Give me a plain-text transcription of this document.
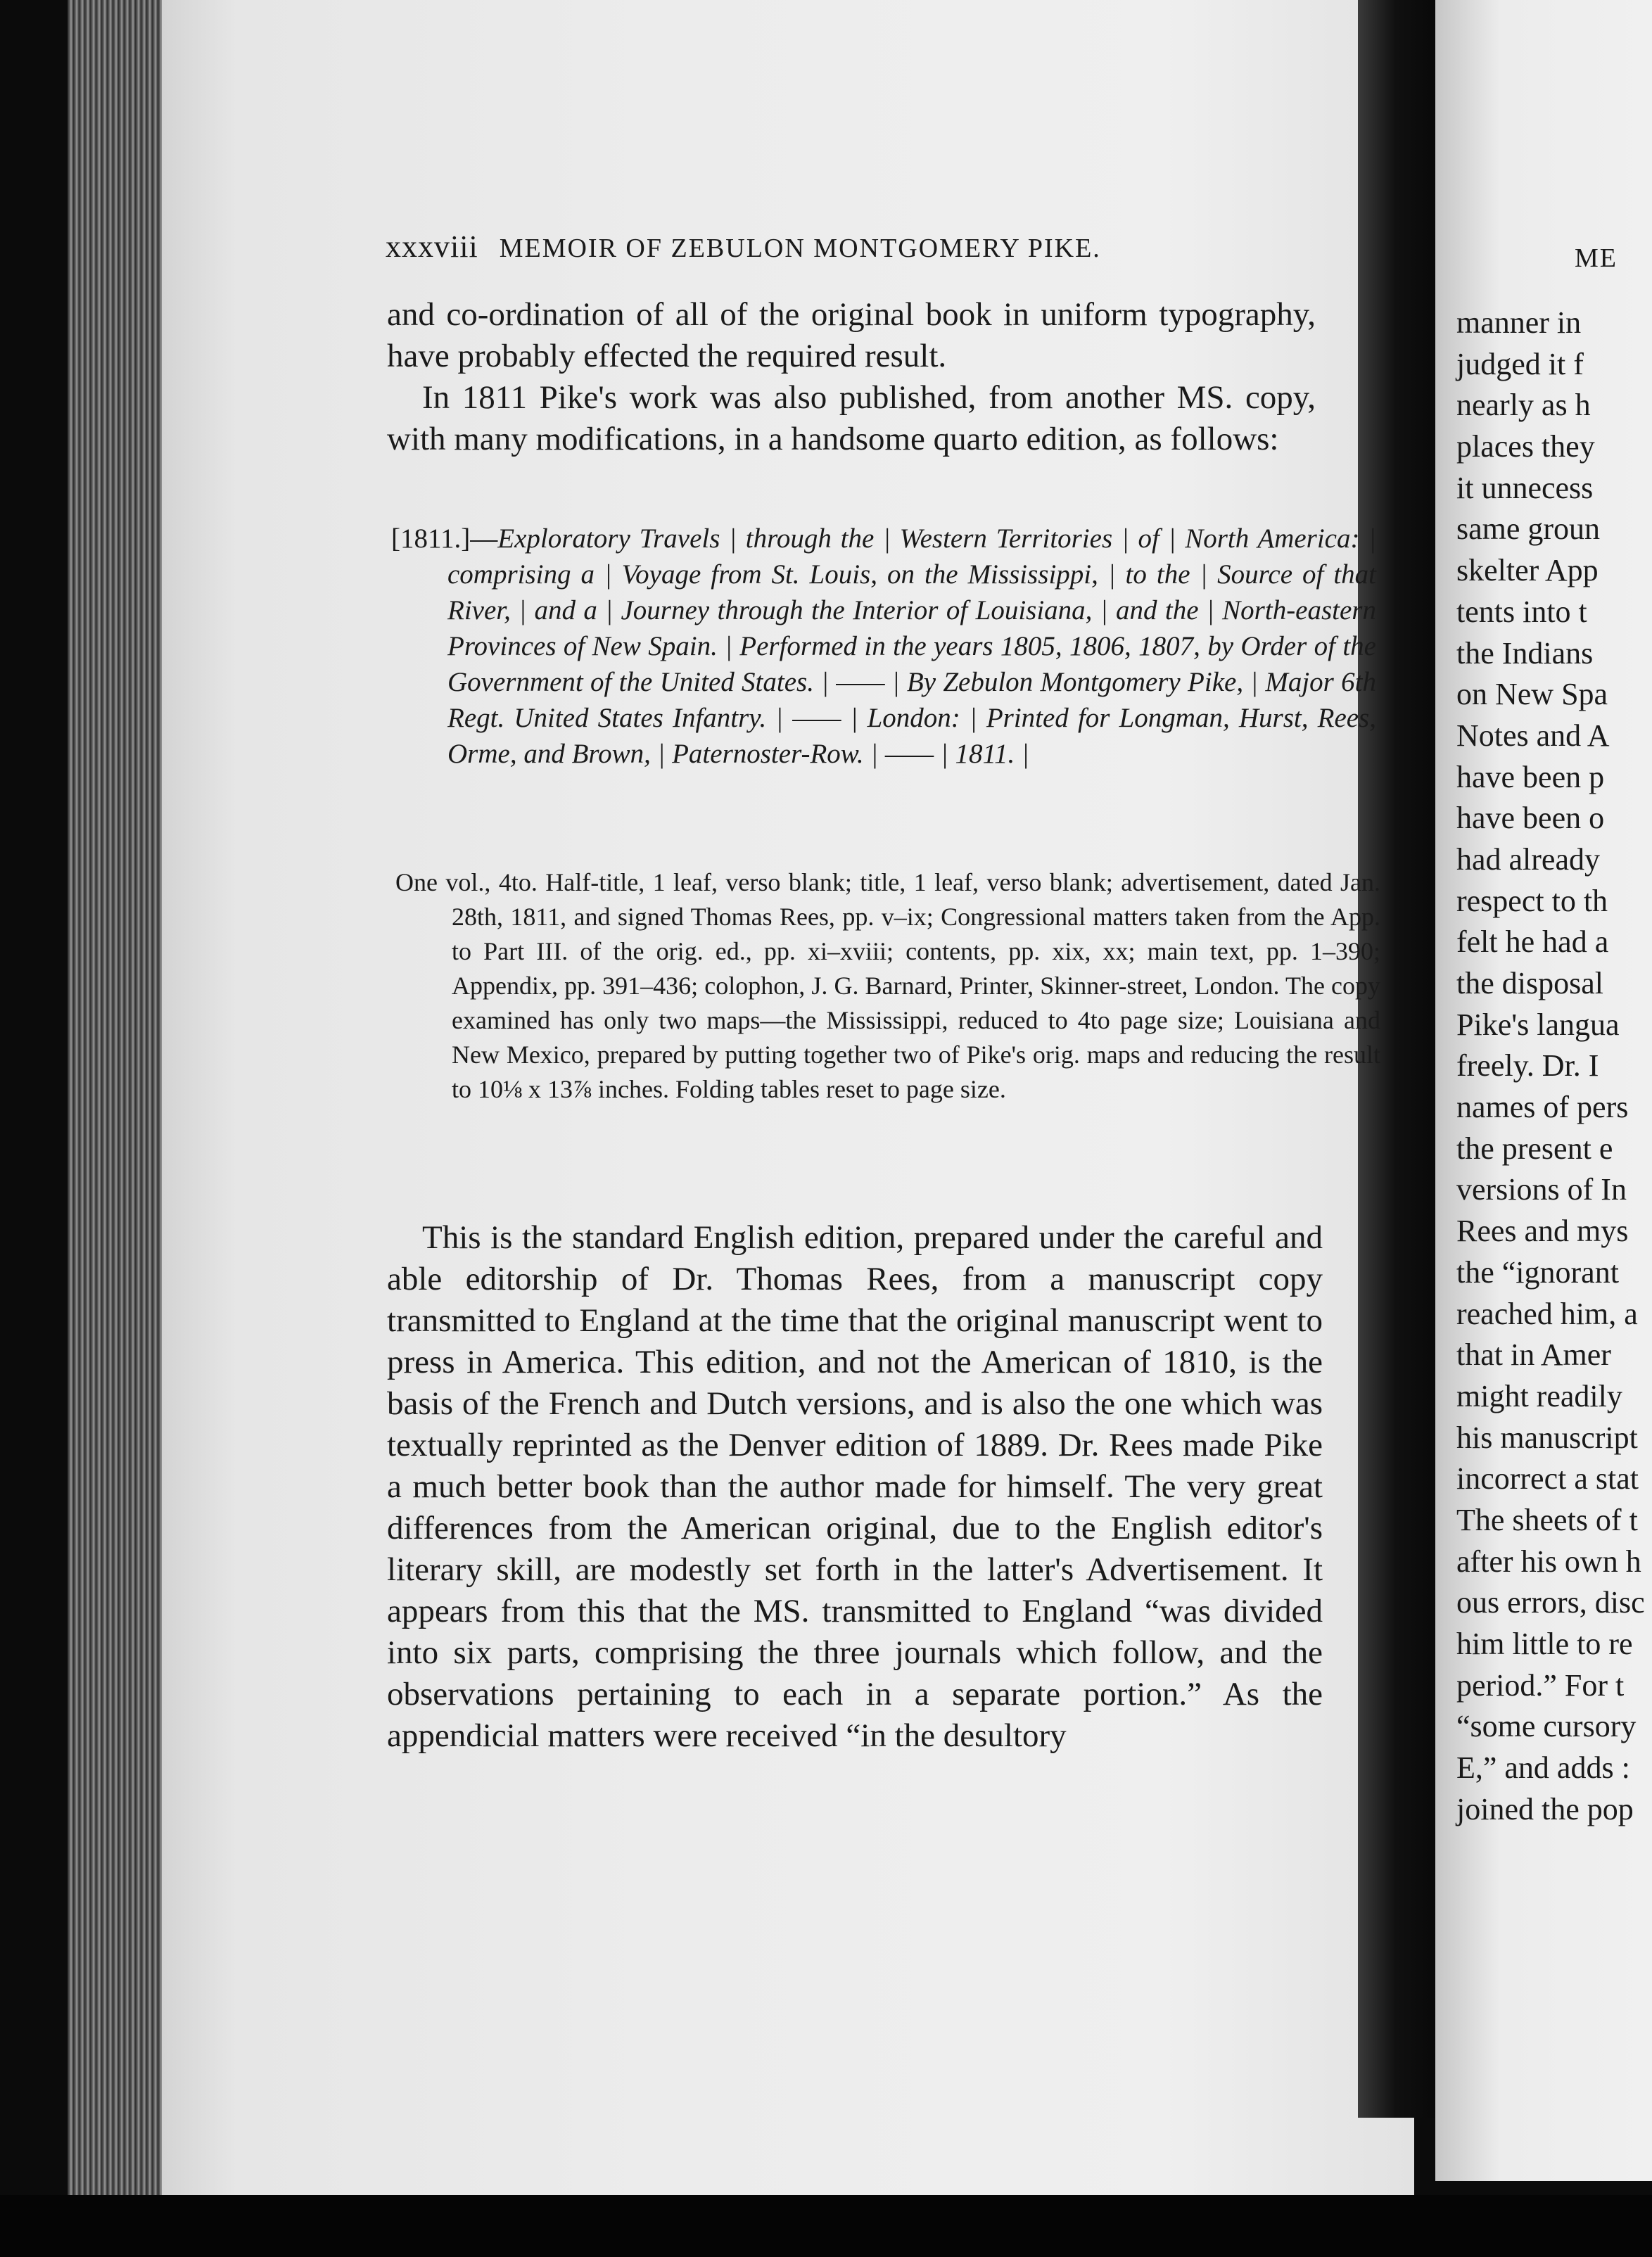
ME
manner in
judged it f
nearly as h
places they
it unnecess
same groun
skelter App
tents into t
the Indians
on New Spa
Notes and A
have been p
have been o
had already
respect to th
felt he had a
the disposal
Pike's langua
freely. Dr. I
names of pers
the present e
versions of In
Rees and mys
the “ignorant
reached him, a
that in Amer
might readily
his manuscript
incorrect a stat
The sheets of t
after his own h
ous errors, disc
him little to re
period.” For t
“some cursory
E,” and adds :
joined the pop
xxxviii MEMOIR OF ZEBULON MONTGOMERY PIKE.

and co-ordination of all of the original book in uniform typography, have probably effected the required result.

In 1811 Pike's work was also published, from another MS. copy, with many modifications, in a handsome quarto edition, as follows:

[1811.]—Exploratory Travels | through the | Western Territories | of | North America: | comprising a | Voyage from St. Louis, on the Mississippi, | to the | Source of that River, | and a | Journey through the Interior of Louisiana, | and the | North-eastern Provinces of New Spain. | Performed in the years 1805, 1806, 1807, by Order of the Government of the United States. | —— | By Zebulon Montgomery Pike, | Major 6th Regt. United States Infantry. | —— | London: | Printed for Longman, Hurst, Rees, Orme, and Brown, | Paternoster-Row. | —— | 1811. |
One vol., 4to. Half-title, 1 leaf, verso blank; title, 1 leaf, verso blank; advertisement, dated Jan. 28th, 1811, and signed Thomas Rees, pp. v–ix; Congressional matters taken from the App. to Part III. of the orig. ed., pp. xi–xviii; contents, pp. xix, xx; main text, pp. 1–390; Appendix, pp. 391–436; colophon, J. G. Barnard, Printer, Skinner-street, London. The copy examined has only two maps—the Mississippi, reduced to 4to page size; Louisiana and New Mexico, prepared by putting together two of Pike's orig. maps and reducing the result to 10⅛ x 13⅞ inches. Folding tables reset to page size.

This is the standard English edition, prepared under the careful and able editorship of Dr. Thomas Rees, from a manuscript copy transmitted to England at the time that the original manuscript went to press in America. This edition, and not the American of 1810, is the basis of the French and Dutch versions, and is also the one which was textually reprinted as the Denver edition of 1889. Dr. Rees made Pike a much better book than the author made for himself. The very great differences from the American original, due to the English editor's literary skill, are modestly set forth in the latter's Advertisement. It appears from this that the MS. transmitted to England “was divided into six parts, comprising the three journals which follow, and the observations pertaining to each in a separate portion.” As the appendicial matters were received “in the desultory
